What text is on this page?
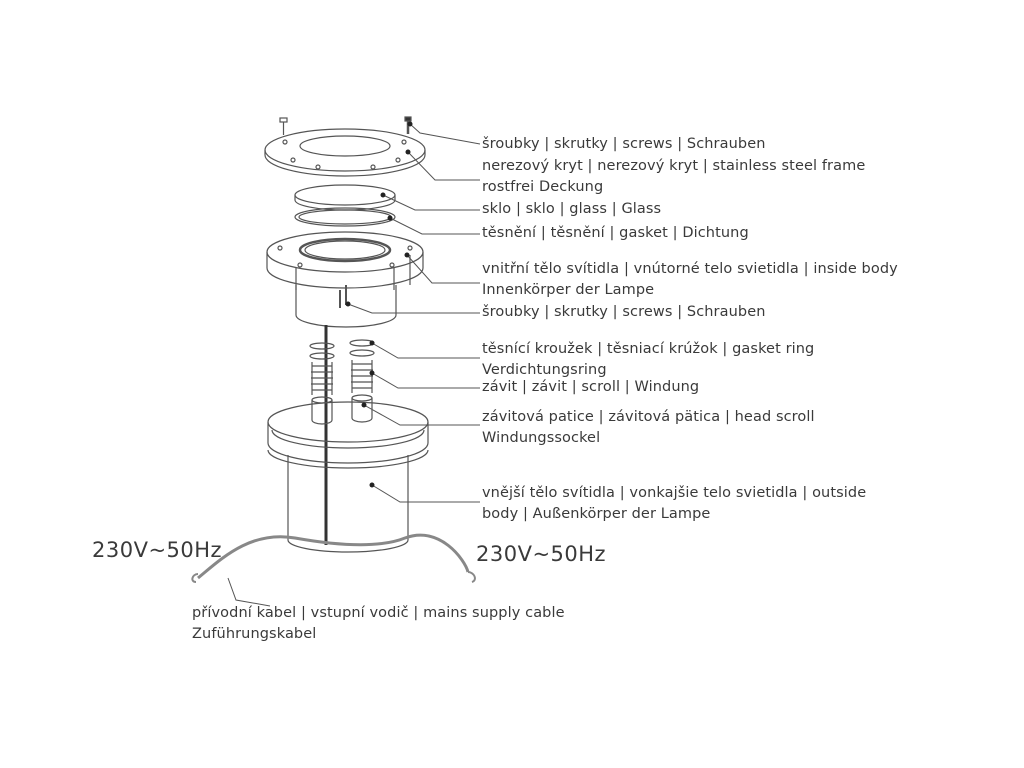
šroubky | skrutky | screws | Schrauben
nerezový kryt | nerezový kryt | stainless steel frame
rostfrei Deckung
sklo | sklo | glass | Glass
těsnění | těsnění | gasket | Dichtung
vnitřní tělo svítidla | vnútorné telo svietidla | inside body
Innenkörper der Lampe
šroubky | skrutky | screws | Schrauben
těsnící kroužek | těsniací krúžok | gasket ring
Verdichtungsring
závit | závit | scroll | Windung
závitová patice | závitová pätica | head scroll
Windungssockel
vnější tělo svítidla | vonkajšie telo svietidla | outside
body | Außenkörper der Lampe
230V~50Hz	230V~50Hz
přívodní kabel | vstupní vodič | mains supply cable
Zuführungskabel
